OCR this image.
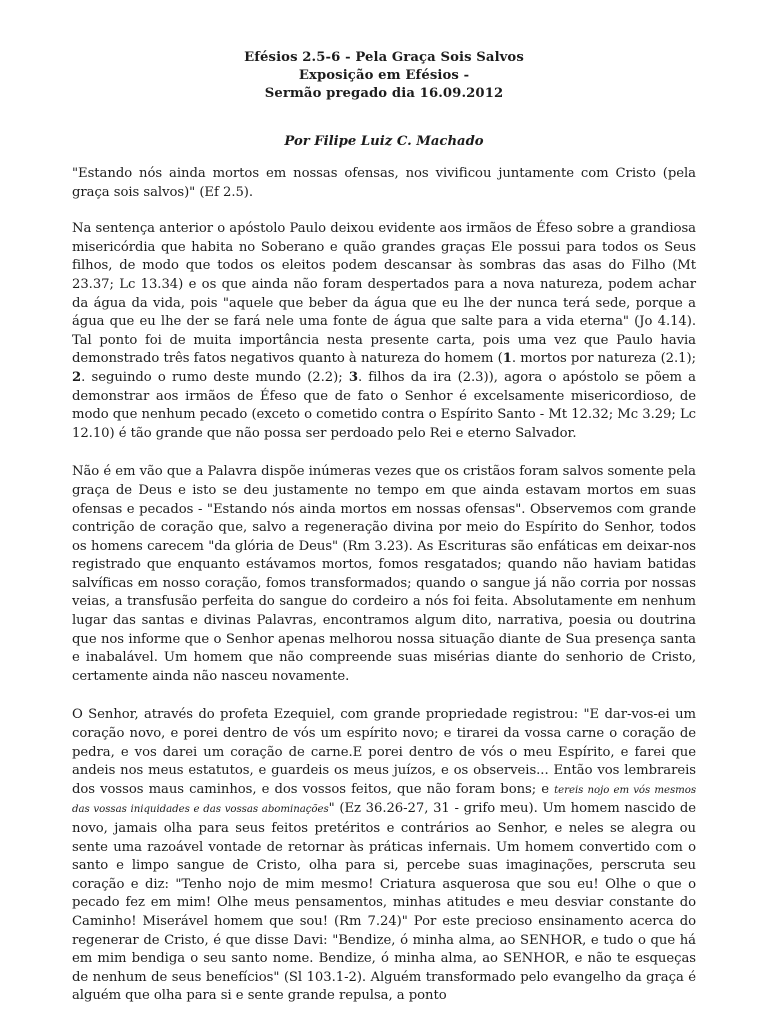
Efésios 2.5-6 - Pela Graça Sois Salvos
Exposição em Efésios -
Sermão pregado dia 16.09.2012
Por Filipe Luiz C. Machado

"Estando nós ainda mortos em nossas ofensas, nos vivificou juntamente com Cristo (pela graça sois salvos)" (Ef 2.5).

Na sentença anterior o apóstolo Paulo deixou evidente aos irmãos de Éfeso sobre a grandiosa misericórdia que habita no Soberano e quão grandes graças Ele possui para todos os Seus filhos, de modo que todos os eleitos podem descansar às sombras das asas do Filho (Mt 23.37; Lc 13.34) e os que ainda não foram despertados para a nova natureza, podem achar da água da vida, pois "aquele que beber da água que eu lhe der nunca terá sede, porque a água que eu lhe der se fará nele uma fonte de água que salte para a vida eterna" (Jo 4.14). Tal ponto foi de muita importância nesta presente carta, pois uma vez que Paulo havia demonstrado três fatos negativos quanto à natureza do homem (1. mortos por natureza (2.1); 2. seguindo o rumo deste mundo (2.2); 3. filhos da ira (2.3)), agora o apóstolo se põem a demonstrar aos irmãos de Éfeso que de fato o Senhor é excelsamente misericordioso, de modo que nenhum pecado (exceto o cometido contra o Espírito Santo - Mt 12.32; Mc 3.29; Lc 12.10) é tão grande que não possa ser perdoado pelo Rei e eterno Salvador.

Não é em vão que a Palavra dispõe inúmeras vezes que os cristãos foram salvos somente pela graça de Deus e isto se deu justamente no tempo em que ainda estavam mortos em suas ofensas e pecados - "Estando nós ainda mortos em nossas ofensas". Observemos com grande contrição de coração que, salvo a regeneração divina por meio do Espírito do Senhor, todos os homens carecem "da glória de Deus" (Rm 3.23). As Escrituras são enfáticas em deixar-nos registrado que enquanto estávamos mortos, fomos resgatados; quando não haviam batidas salvíficas em nosso coração, fomos transformados; quando o sangue já não corria por nossas veias, a transfusão perfeita do sangue do cordeiro a nós foi feita. Absolutamente em nenhum lugar das santas e divinas Palavras, encontramos algum dito, narrativa, poesia ou doutrina que nos informe que o Senhor apenas melhorou nossa situação diante de Sua presença santa e inabalável. Um homem que não compreende suas misérias diante do senhorio de Cristo, certamente ainda não nasceu novamente.

O Senhor, através do profeta Ezequiel, com grande propriedade registrou: "E dar-vos-ei um coração novo, e porei dentro de vós um espírito novo; e tirarei da vossa carne o coração de pedra, e vos darei um coração de carne.E porei dentro de vós o meu Espírito, e farei que andeis nos meus estatutos, e guardeis os meus juízos, e os observeis... Então vos lembrareis dos vossos maus caminhos, e dos vossos feitos, que não foram bons; e tereis nojo em vós mesmos das vossas iniquidades e das vossas abominações" (Ez 36.26-27, 31 - grifo meu). Um homem nascido de novo, jamais olha para seus feitos pretéritos e contrários ao Senhor, e neles se alegra ou sente uma razoável vontade de retornar às práticas infernais. Um homem convertido com o santo e limpo sangue de Cristo, olha para si, percebe suas imaginações, perscruta seu coração e diz: "Tenho nojo de mim mesmo! Criatura asquerosa que sou eu! Olhe o que o pecado fez em mim! Olhe meus pensamentos, minhas atitudes e meu desviar constante do Caminho! Miserável homem que sou! (Rm 7.24)" Por este precioso ensinamento acerca do regenerar de Cristo, é que disse Davi: "Bendize, ó minha alma, ao SENHOR, e tudo o que há em mim bendiga o seu santo nome. Bendize, ó minha alma, ao SENHOR, e não te esqueças de nenhum de seus benefícios" (Sl 103.1-2). Alguém transformado pelo evangelho da graça é alguém que olha para si e sente grande repulsa, a ponto
